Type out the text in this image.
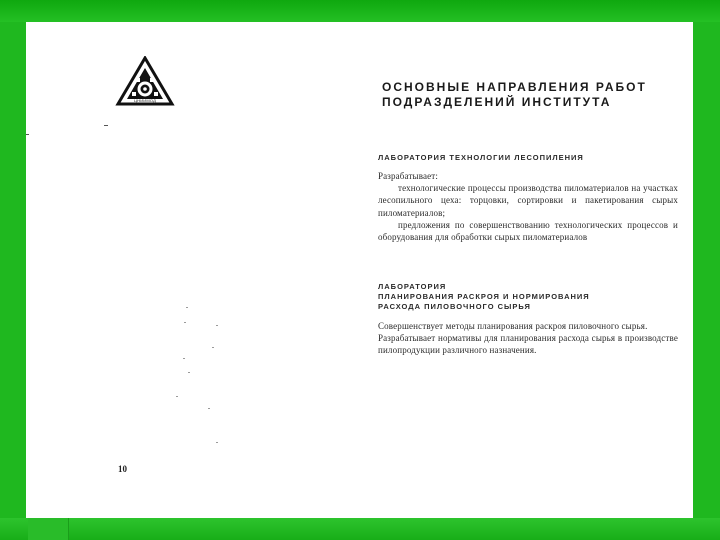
ЦНИИМОД
ОСНОВНЫЕ НАПРАВЛЕНИЯ РАБОТ
ПОДРАЗДЕЛЕНИЙ ИНСТИТУТА
ЛАБОРАТОРИЯ ТЕХНОЛОГИИ ЛЕСОПИЛЕНИЯ

Разрабатывает:

технологические процессы производства пиломатериалов на участках лесопильного цеха: торцовки, сортировки и пакетирования сырых пиломатериалов;

предложения по совершенствованию технологических процессов и оборудования для обработки сырых пиломатериалов

ЛАБОРАТОРИЯ
ПЛАНИРОВАНИЯ РАСКРОЯ И НОРМИРОВАНИЯ
РАСХОДА ПИЛОВОЧНОГО СЫРЬЯ

Совершенствует методы планирования раскроя пиловочного сырья.

Разрабатывает нормативы для планирования расхода сырья в производстве пилопродукции различного назначения.

10
